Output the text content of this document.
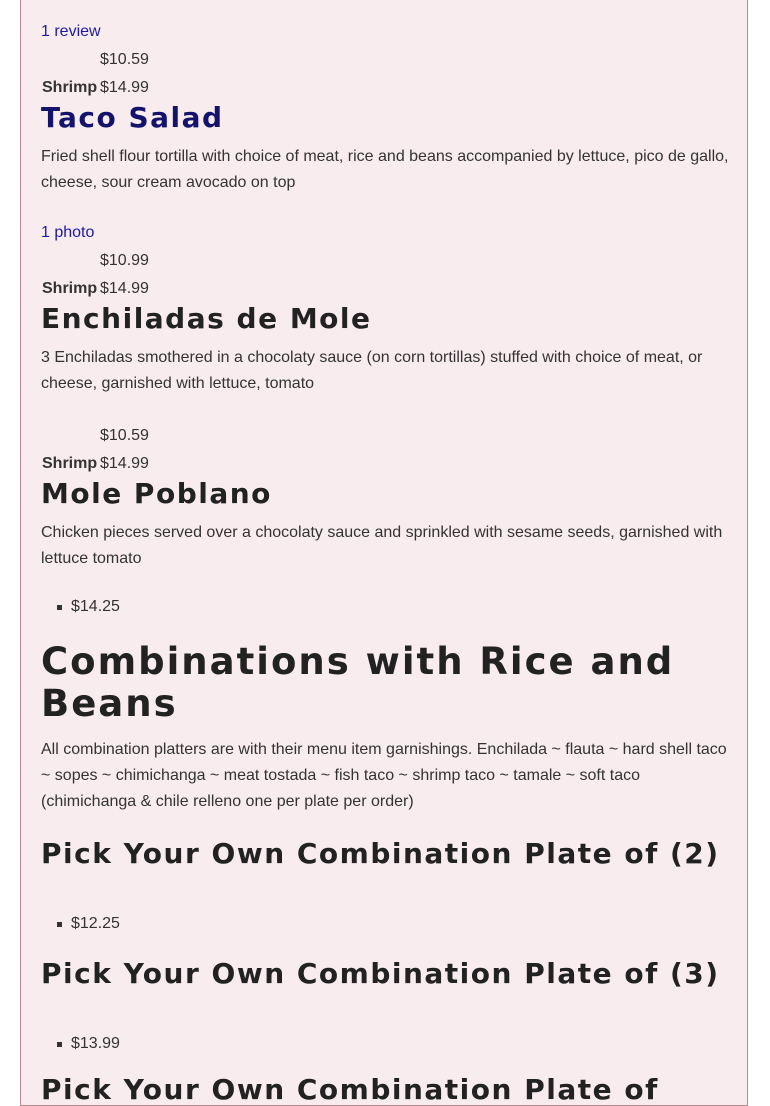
1 review
$10.59
Shrimp $14.99
Taco Salad

Fried shell flour tortilla with choice of meat, rice and beans accompanied by lettuce, pico de gallo, cheese, sour cream avocado on top

1 photo
$10.99
Shrimp $14.99
Enchiladas de Mole

3 Enchiladas smothered in a chocolaty sauce (on corn tortillas) stuffed with choice of meat, or cheese, garnished with lettuce, tomato

$10.59
Shrimp $14.99
Mole Poblano

Chicken pieces served over a chocolaty sauce and sprinkled with sesame seeds, garnished with lettuce tomato

$14.25
Combinations with Rice and Beans

All combination platters are with their menu item garnishings. Enchilada ~ flauta ~ hard shell taco ~ sopes ~ chimichanga ~ meat tostada ~ fish taco ~ shrimp taco ~ tamale ~ soft taco (chimichanga & chile relleno one per plate per order)

Pick Your Own Combination Plate of (2)
$12.25
Pick Your Own Combination Plate of (3)
$13.99
Pick Your Own Combination Plate of
